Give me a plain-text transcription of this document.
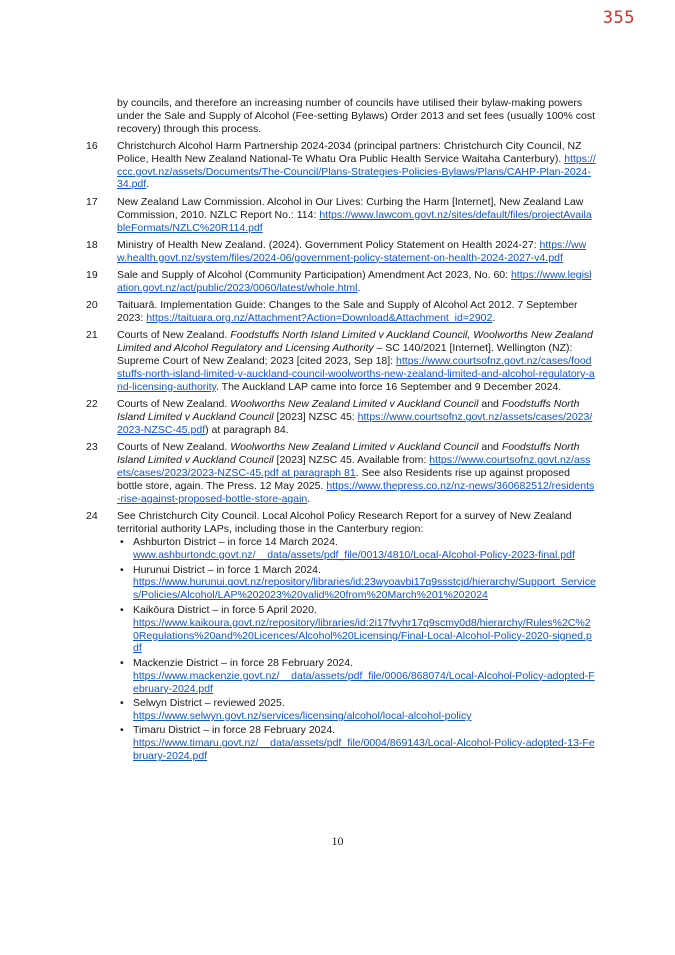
355

by councils, and therefore an increasing number of councils have utilised their bylaw-making powers under the Sale and Supply of Alcohol (Fee-setting Bylaws) Order 2013 and set fees (usually 100% cost recovery) through this process.

16	Christchurch Alcohol Harm Partnership 2024-2034 (principal partners: Christchurch City Council, NZ Police, Health New Zealand National-Te Whatu Ora Public Health Service Waitaha Canterbury). https://ccc.govt.nz/assets/Documents/The-Council/Plans-Strategies-Policies-Bylaws/Plans/CAHP-Plan-2024-34.pdf.
17	New Zealand Law Commission. Alcohol in Our Lives: Curbing the Harm [Internet], New Zealand Law Commission, 2010. NZLC Report No.: 114: https://www.lawcom.govt.nz/sites/default/files/projectAvailableFormats/NZLC%20R114.pdf
18	Ministry of Health New Zealand. (2024). Government Policy Statement on Health 2024-27: https://www.health.govt.nz/system/files/2024-06/government-policy-statement-on-health-2024-2027-v4.pdf
19	Sale and Supply of Alcohol (Community Participation) Amendment Act 2023, No. 60: https://www.legislation.govt.nz/act/public/2023/0060/latest/whole.html.
20	Taituarā. Implementation Guide: Changes to the Sale and Supply of Alcohol Act 2012. 7 September 2023: https://taituara.org.nz/Attachment?Action=Download&Attachment_id=2902.
21	Courts of New Zealand. Foodstuffs North Island Limited v Auckland Council, Woolworths New Zealand Limited and Alcohol Regulatory and Licensing Authority – SC 140/2021 [Internet]. Wellington (NZ): Supreme Court of New Zealand; 2023 [cited 2023, Sep 18]: https://www.courtsofnz.govt.nz/cases/foodstuffs-north-island-limited-v-auckland-council-woolworths-new-zealand-limited-and-alcohol-regulatory-and-licensing-authority. The Auckland LAP came into force 16 September and 9 December 2024.
22	Courts of New Zealand. Woolworths New Zealand Limited v Auckland Council and Foodstuffs North Island Limited v Auckland Council [2023] NZSC 45: https://www.courtsofnz.govt.nz/assets/cases/2023/2023-NZSC-45.pdf) at paragraph 84.
23	Courts of New Zealand. Woolworths New Zealand Limited v Auckland Council and Foodstuffs North Island Limited v Auckland Council [2023] NZSC 45. Available from: https://www.courtsofnz.govt.nz/assets/cases/2023/2023-NZSC-45.pdf at paragraph 81. See also Residents rise up against proposed bottle store, again. The Press. 12 May 2025. https://www.thepress.co.nz/nz-news/360682512/residents-rise-against-proposed-bottle-store-again.
24	See Christchurch City Council. Local Alcohol Policy Research Report for a survey of New Zealand territorial authority LAPs, including those in the Canterbury region:
• Ashburton District – in force 14 March 2024.
www.ashburtondc.govt.nz/__data/assets/pdf_file/0013/4810/Local-Alcohol-Policy-2023-final.pdf
• Hurunui District – in force 1 March 2024.
https://www.hurunui.govt.nz/repository/libraries/id:23wyoavbi17q9ssstcjd/hierarchy/Support_Services/Policies/Alcohol/LAP%202023%20valid%20from%20March%201%202024
• Kaikōura District – in force 5 April 2020.
https://www.kaikoura.govt.nz/repository/libraries/id:2i17fvyhr17q9scmy0d8/hierarchy/Rules%2C%20Regulations%20and%20Licences/Alcohol%20Licensing/Final-Local-Alcohol-Policy-2020-signed.pdf
• Mackenzie District – in force 28 February 2024.
https://www.mackenzie.govt.nz/__data/assets/pdf_file/0006/868074/Local-Alcohol-Policy-adopted-February-2024.pdf
• Selwyn District – reviewed 2025.
https://www.selwyn.govt.nz/services/licensing/alcohol/local-alcohol-policy
• Timaru District – in force 28 February 2024.
https://www.timaru.govt.nz/__data/assets/pdf_file/0004/869143/Local-Alcohol-Policy-adopted-13-February-2024.pdf
10
